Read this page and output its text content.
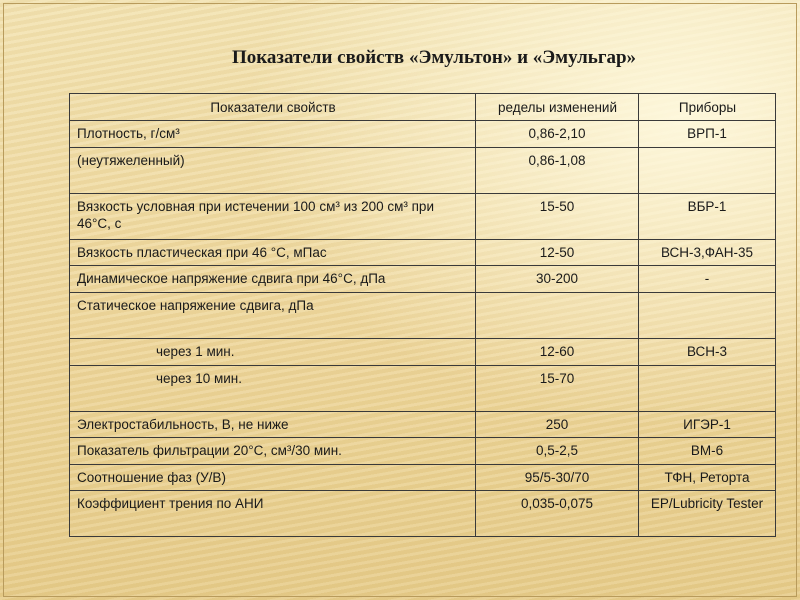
Показатели свойств «Эмультон» и «Эмульгар»
Показатели свойств	ределы изменений	Приборы
Плотность, г/см³	0,86-2,10	ВРП-1
(неутяжеленный)	0,86-1,08	
Вязкость условная при истечении 100 см³ из 200 см³ при 46°С, с	15-50	ВБР-1
Вязкость пластическая при 46 °С, мПас	12-50	ВСН-3,ФАН-35
Динамическое напряжение сдвига при 46°С, дПа	30-200	-
Статическое напряжение сдвига, дПа		
через 1 мин.	12-60	ВСН-3
через 10 мин.	15-70	
Электростабильность, В, не ниже	250	ИГЭР-1
Показатель фильтрации 20°С, см³/30 мин.	0,5-2,5	ВМ-6
Соотношение фаз (У/В)	95/5-30/70	ТФН, Реторта
Коэффициент трения по АНИ	0,035-0,075	EP/Lubricity Tester
